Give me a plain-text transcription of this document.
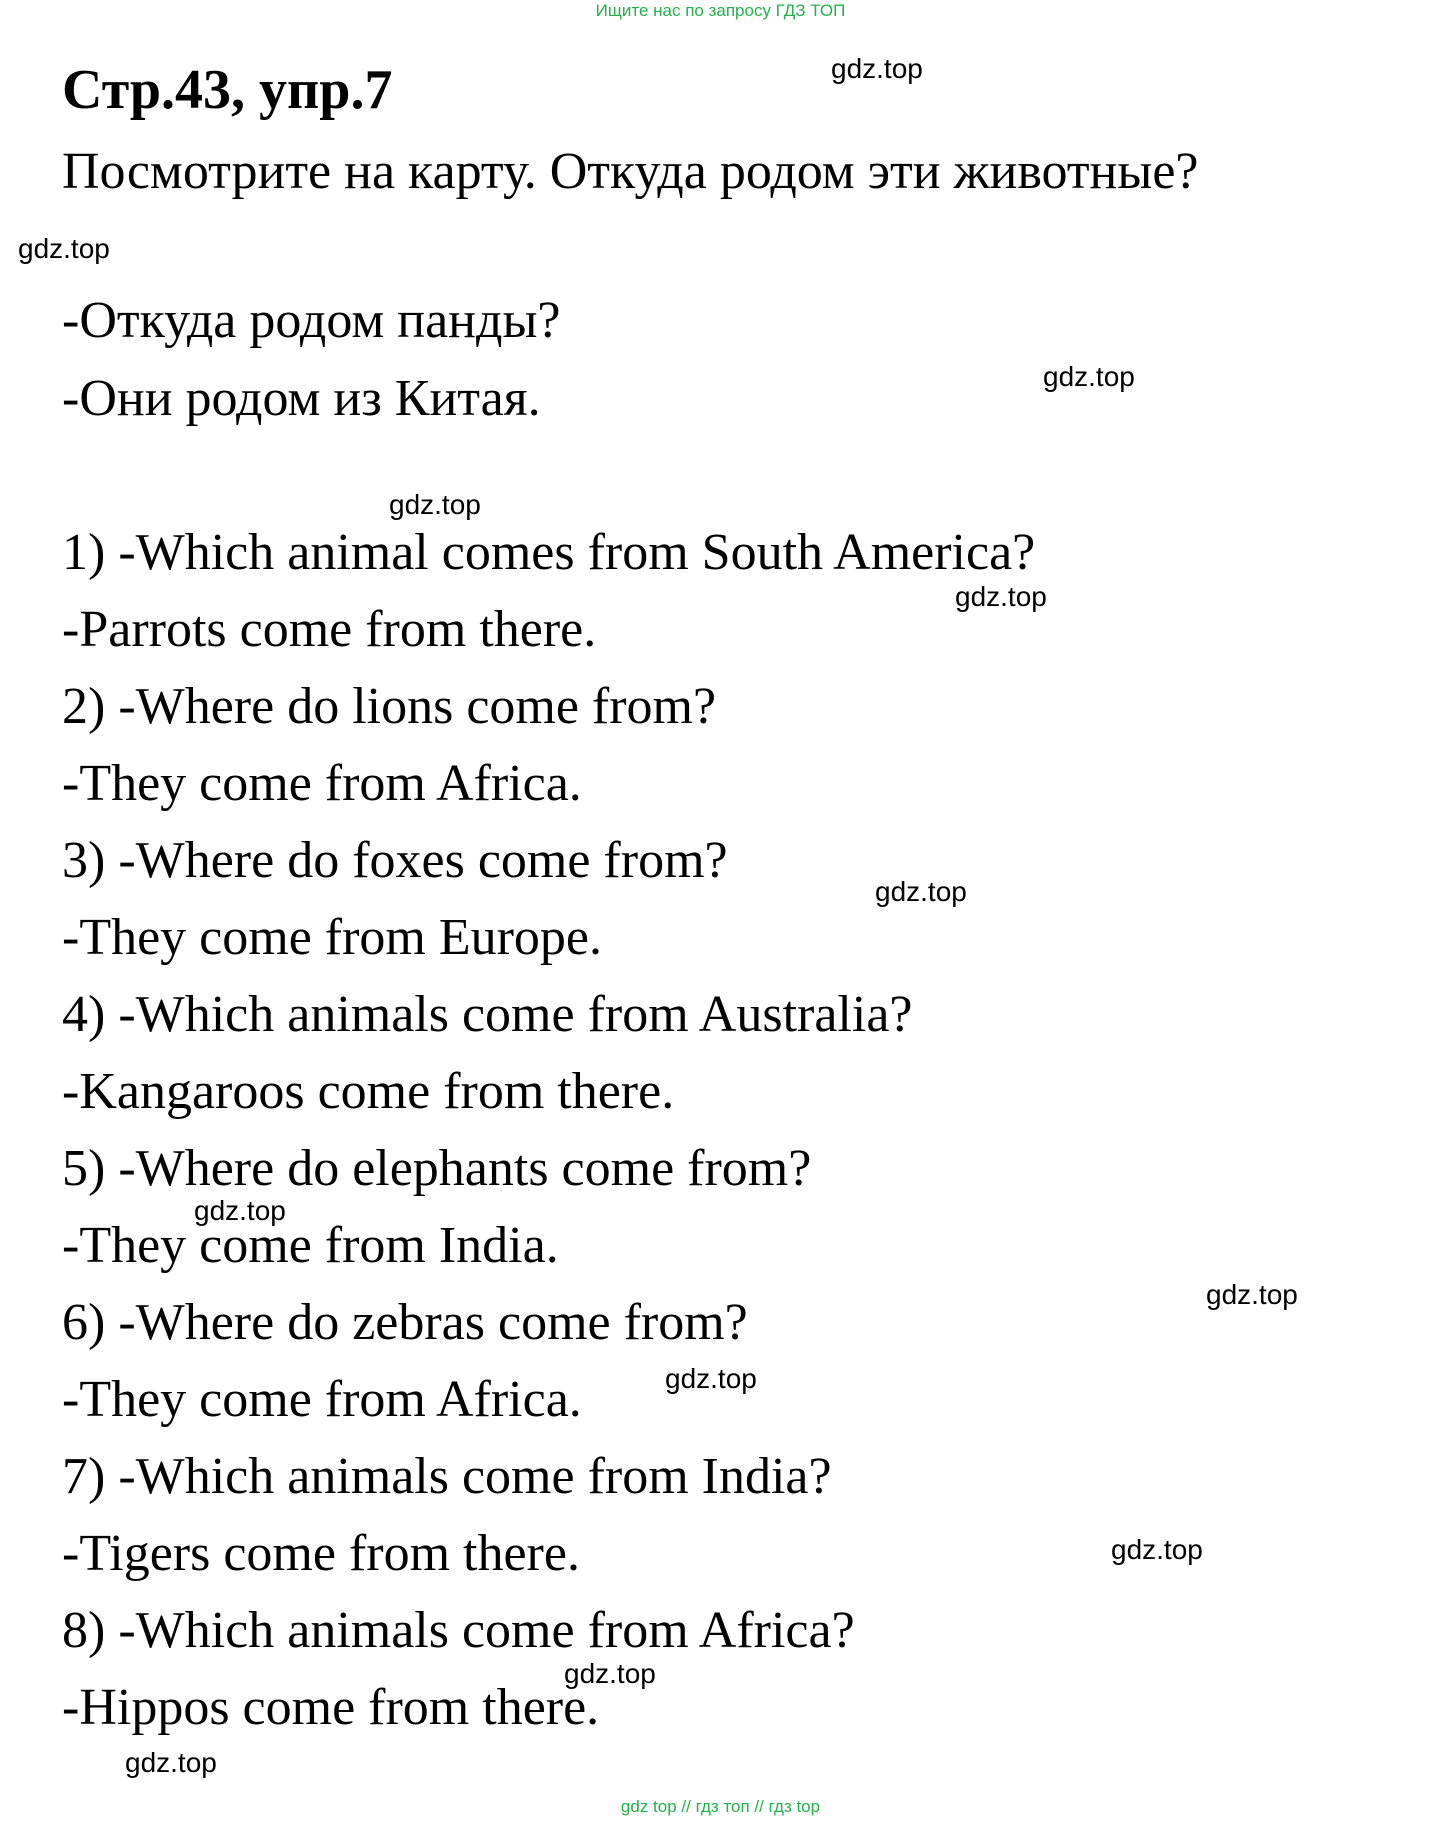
Ищите нас по запросу ГДЗ ТОП
Стр.43, упр.7
Посмотрите на карту. Откуда родом эти животные?
-Откуда родом панды?
-Они родом из Китая.
1) -Which animal comes from South America?
-Parrots come from there.
2) -Where do lions come from?
-They come from Africa.
3) -Where do foxes come from?
-They come from Europe.
4) -Which animals come from Australia?
-Kangaroos come from there.
5) -Where do elephants come from?
-They come from India.
6) -Where do zebras come from?
-They come from Africa.
7) -Which animals come from India?
-Tigers come from there.
8) -Which animals come from Africa?
-Hippos come from there.
gdz.top
gdz.top
gdz.top
gdz.top
gdz.top
gdz.top
gdz.top
gdz.top
gdz.top
gdz.top
gdz.top
gdz.top
gdz top // гдз топ // гдз top
